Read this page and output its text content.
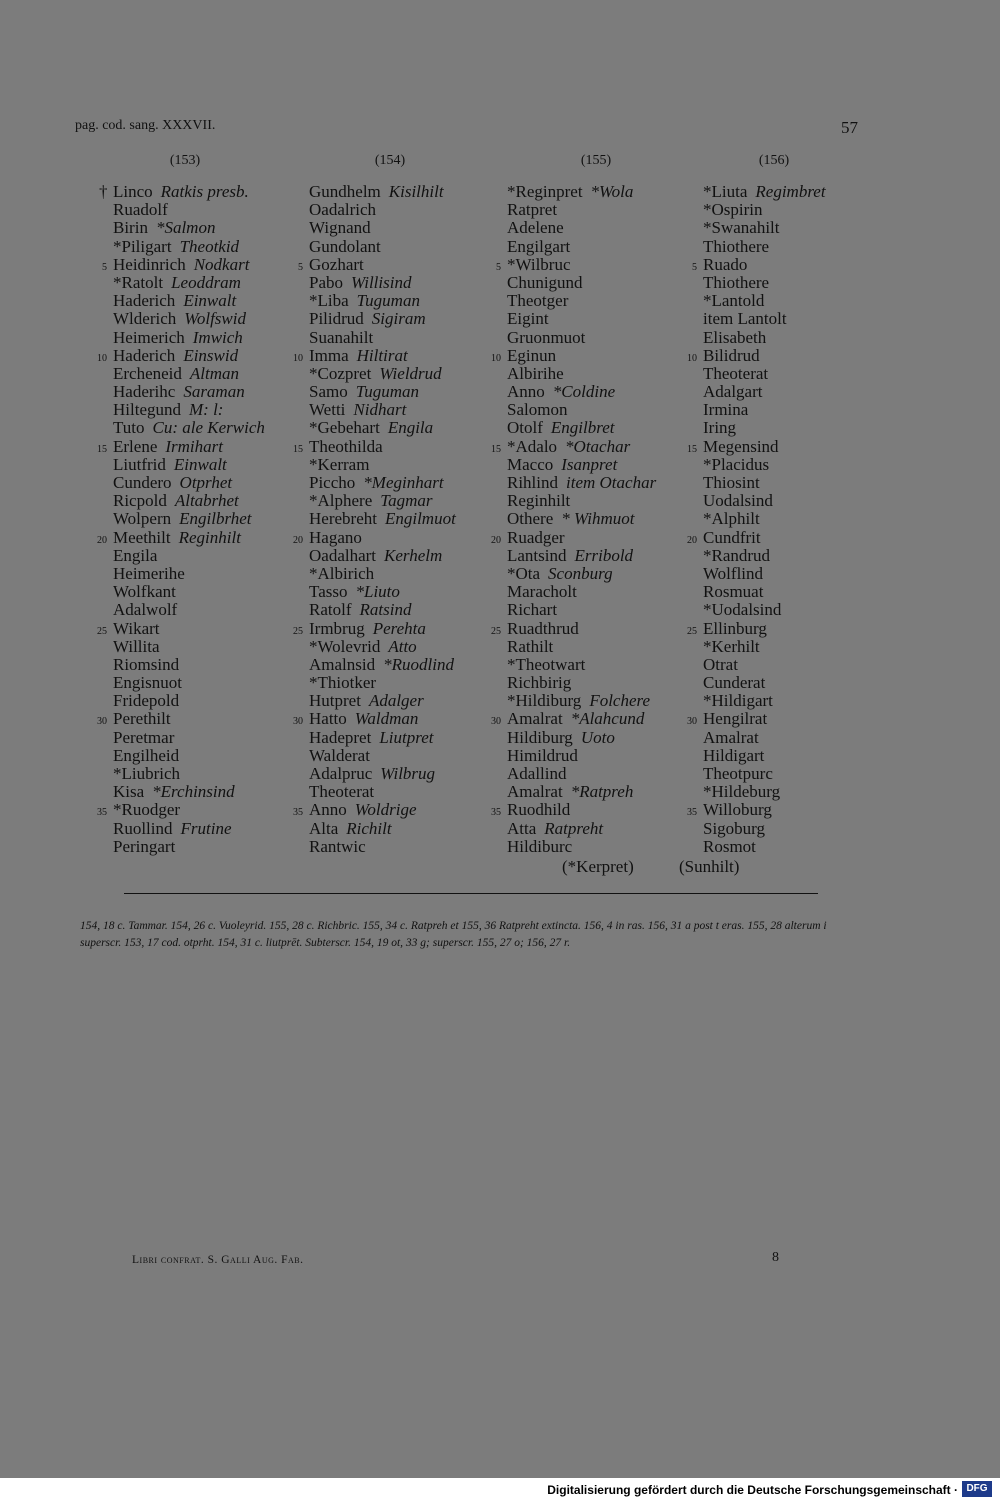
pag. cod. sang. XXXVII.	57
(153)	(154)	(155)	(156)
† Linco Ratkis presb.
Ruadolf
Birin *Salmon
*Piligart Theotkid
5 Heidinrich Nodkart
*Ratolt Leoddram
Haderich Einwalt
Wlderich Wolfswid
Heimerich Imwich
10 Haderich Einswid
Ercheneid Altman
Haderihc Saraman
Hiltegund M: l:
Tuto Cu: ale Kerwich
15 Erlene Irmihart
Liutfrid Einwalt
Cundero Otprhet
Ricpold Altabrhet
Wolpern Engilbrhet
20 Meethilt Reginhilt
Engila
Heimerihe
Wolfkant
Adalwolf
25 Wikart
Willita
Riomsind
Engisnuot
Fridepold
30 Perethilt
Peretmar
Engilheid
*Liubrich
Kisa *Erchinsind
35 *Ruodger
Ruollind Frutine
Peringart
Gundhelm Kisilhilt
Oadalrich
Wignand
Gundolant
5 Gozhart
Pabo Willisind
*Liba Tuguman
Pilidrud Sigiram
Suanahilt
10 Imma Hiltirat
*Cozpret Wieldrud
Samo Tuguman
Wetti Nidhart
*Gebehart Engila
15 Theothilda
*Kerram
Piccho *Meginhart
*Alphere Tagmar
Herebreht Engilmuot
20 Hagano
Oadalhart Kerhelm
*Albirich
Tasso *Liuto
Ratolf Ratsind
25 Irmbrug Perehta
*Wolevrid Atto
Amalnsid *Ruodlind
*Thiotker
Hutpret Adalger
30 Hatto Waldman
Hadepret Liutpret
Walderat
Adalpruc Wilbrug
Theoterat
35 Anno Woldrige
Alta Richilt
Rantwic
*Reginpret *Wola
Ratpret
Adelene
Engilgart
5 *Wilbruc
Chunigund
Theotger
Eigint
Gruonmuot
10 Eginun
Albirihe
Anno *Coldine
Salomon
Otolf Engilbret
15 *Adalo *Otachar
Macco Isanpret
Rihlind item Otachar
Reginhilt
Othere * Wihmuot
20 Ruadger
Lantsind Erribold
*Ota Sconburg
Maracholt
Richart
25 Ruadthrud
Rathilt
*Theotwart
Richbirig
*Hildiburg Folchere
30 Amalrat *Alahcund
Hildiburg Uoto
Himildrud
Adallind
Amalrat *Ratpreh
35 Ruodhild
Atta Ratpreht
Hildiburc
*Liuta Regimbret
*Ospirin
*Swanahilt
Thiothere
5 Ruado
Thiothere
*Lantold
item Lantolt
Elisabeth
10 Bilidrud
Theoterat
Adalgart
Irmina
Iring
15 Megensind
*Placidus
Thiosint
Uodalsind
*Alphilt
20 Cundfrit
*Randrud
Wolflind
Rosmuat
*Uodalsind
25 Ellinburg
*Kerhilt
Otrat
Cunderat
*Hildigart
30 Hengilrat
Amalrat
Hildigart
Theotpurc
*Hildeburg
35 Willoburg
Sigoburg
Rosmot
(*Kerpret)	(Sunhilt)
154, 18 c. Tammar. 154, 26 c. Vuoleyrid. 155, 28 c. Richbric. 155, 34 c. Ratpreh et 155, 36 Ratpreht extincta. 156, 4 in ras. 156, 31 a post t eras. 155, 28 alterum i superscr. 153, 17 cod. otprht. 154, 31 c. liutprēt. Subterscr. 154, 19 ot, 33 g; superscr. 155, 27 o; 156, 27 r.
Libri confrat. S. Galli Aug. Fab.	8
Digitalisierung gefördert durch die Deutsche Forschungsgemeinschaft · DFG
